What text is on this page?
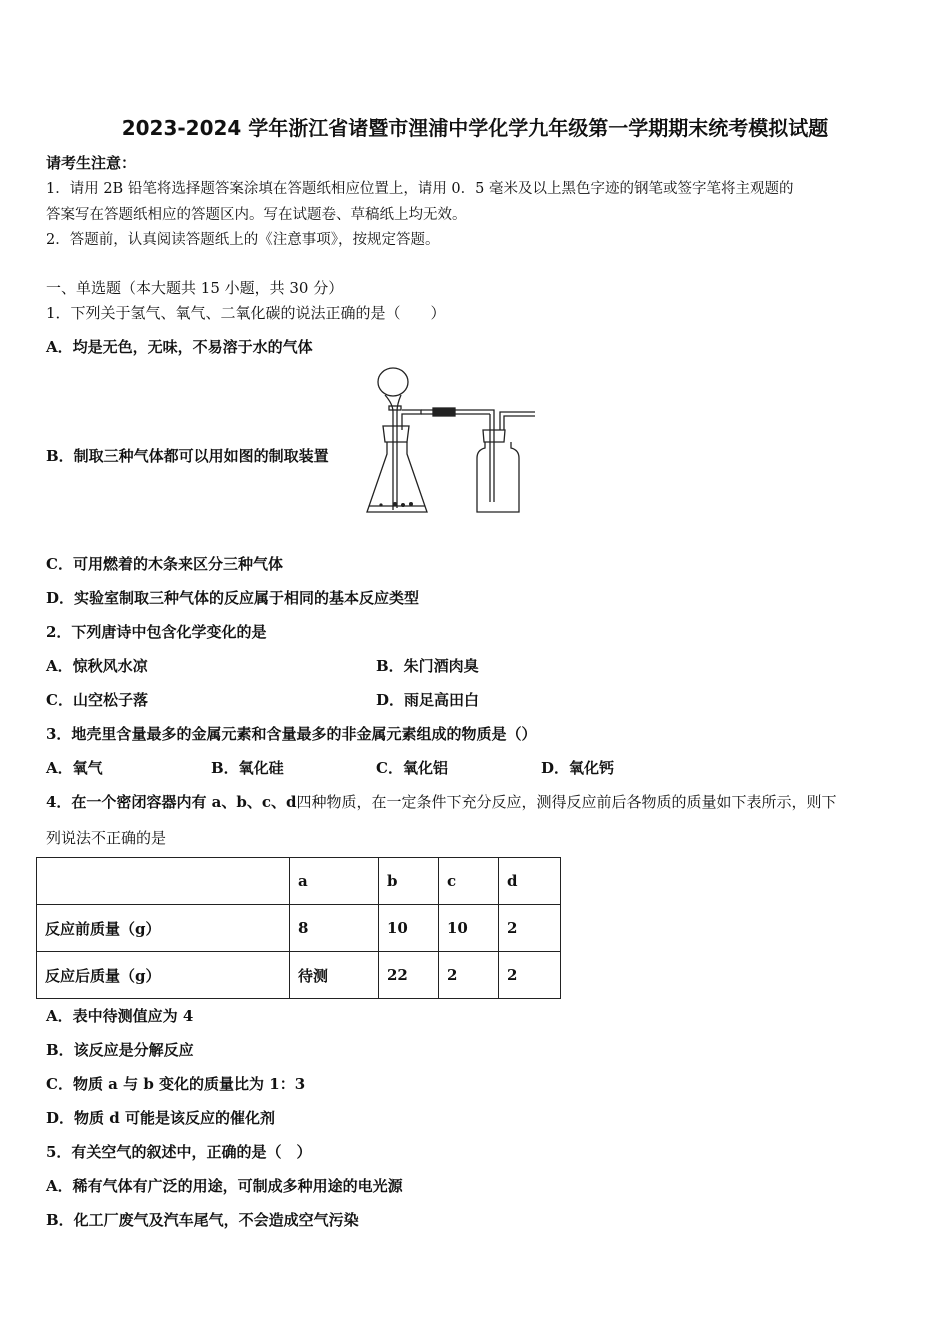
2023-2024 学年浙江省诸暨市浬浦中学化学九年级第一学期期末统考模拟试题
请考生注意：
1．请用 2B 铅笔将选择题答案涂填在答题纸相应位置上，请用 0．5 毫米及以上黑色字迹的钢笔或签字笔将主观题的
答案写在答题纸相应的答题区内。写在试题卷、草稿纸上均无效。
2．答题前，认真阅读答题纸上的《注意事项》，按规定答题。
一、单选题（本大题共 15 小题，共 30 分）
1．下列关于氢气、氧气、二氧化碳的说法正确的是（　　）
A．均是无色，无味，不易溶于水的气体
B．制取三种气体都可以用如图的制取装置
C．可用燃着的木条来区分三种气体
D．实验室制取三种气体的反应属于相同的基本反应类型
2．下列唐诗中包含化学变化的是
A．惊秋风水凉	B．朱门酒肉臭
C．山空松子落	D．雨足高田白
3．地壳里含量最多的金属元素和含量最多的非金属元素组成的物质是（）
A．氧气	B．氧化硅	C．氧化铝	D．氧化钙
4．在一个密闭容器内有 a、b、c、d四种物质，在一定条件下充分反应，测得反应前后各物质的质量如下表所示，则下
列说法不正确的是
	a	b	c	d
反应前质量（g）	8	10	10	2
反应后质量（g）	待测	22	2	2
A．表中待测值应为 4
B．该反应是分解反应
C．物质 a 与 b 变化的质量比为 1：3
D．物质 d 可能是该反应的催化剂
5．有关空气的叙述中，正确的是（　）
A．稀有气体有广泛的用途，可制成多种用途的电光源
B．化工厂废气及汽车尾气，不会造成空气污染
